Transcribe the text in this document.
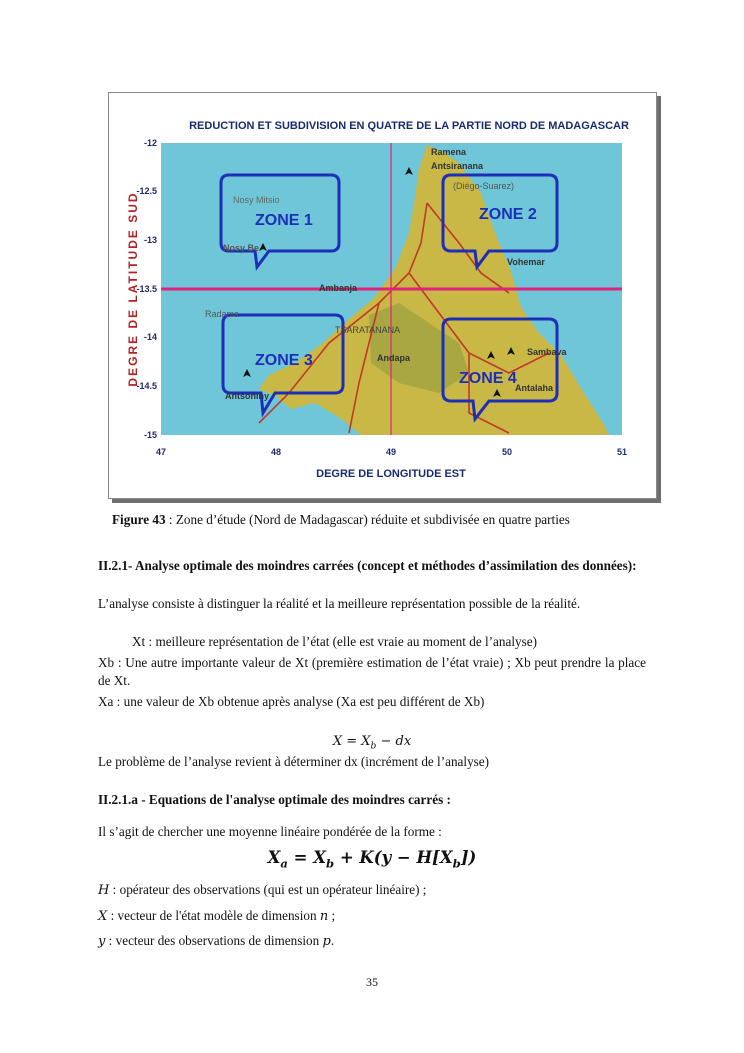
ZONE 1	ZONE 2
ZONE 3
ZONE 4
Ramena
Antsiranana
(Diégo-Suarez)
Nosy Mitsio
Nosy Be
Ambanja
Vohemar
Radama
TSARATANANA
Andapa
Sambava
Antalaha
Antsohihy
REDUCTION ET SUBDIVISION EN QUATRE DE LA PARTIE NORD DE MADAGASCAR
DEGRE DE LATITUDE SUD
-12
-12.5
-13
-13.5
-14
-14.5
-15
47	48	49	50	51
DEGRE DE LONGITUDE EST
Figure 43 : Zone d’étude (Nord de Madagascar) réduite et subdivisée en quatre parties
II.2.1- Analyse optimale des moindres carrées (concept et méthodes d’assimilation des données):
L’analyse consiste à distinguer la réalité et la meilleure représentation possible de la réalité.
Xt : meilleure représentation de l’état (elle est vraie au moment de l’analyse)
Xb : Une autre importante valeur de Xt (première estimation de l’état vraie) ; Xb peut prendre la place de Xt.
Xa : une valeur de Xb obtenue après analyse (Xa est peu différent de Xb)
$X = X_b$ − dx
Le problème de l’analyse revient à déterminer dx (incrément de l’analyse)
II.2.1.a - Equations de l'analyse optimale des moindres carrés :
Il s’agit de chercher une moyenne linéaire pondérée de la forme :
$X_a = X_b + K(y - H[X_b])$
H : opérateur des observations (qui est un opérateur linéaire) ;
X : vecteur de l'état modèle de dimension n ;
y : vecteur des observations de dimension p.
35
